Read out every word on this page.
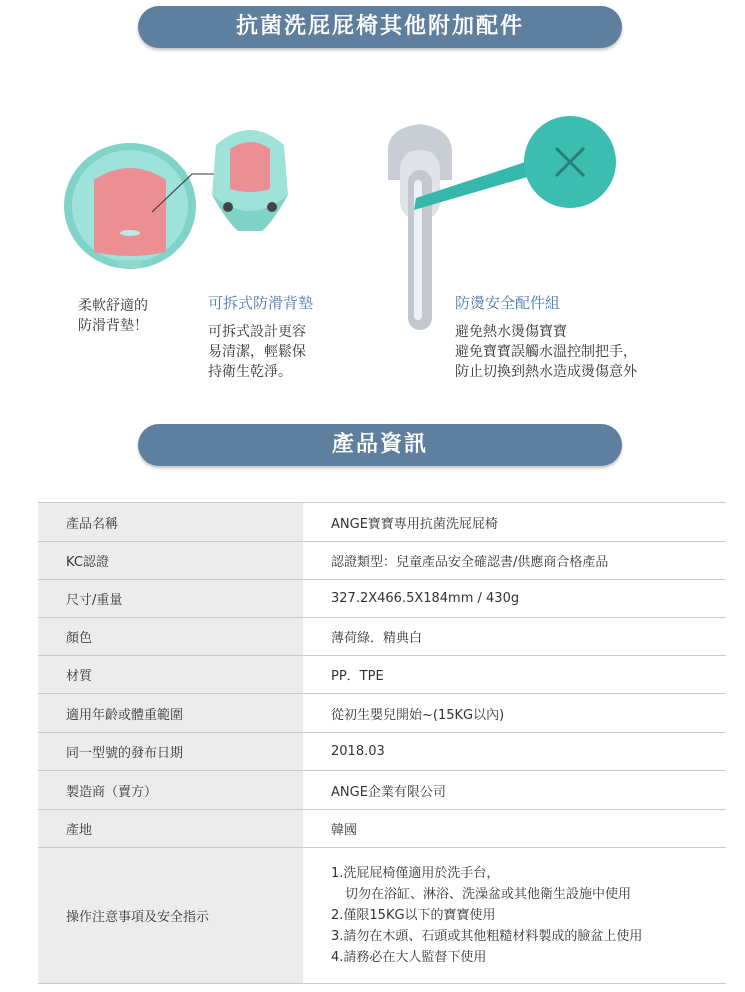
抗菌洗屁屁椅其他附加配件
柔軟舒適的
防滑背墊！
可拆式防滑背墊
可拆式設計更容
易清潔，輕鬆保
持衛生乾淨。
防燙安全配件組
避免熱水燙傷寶寶
避免寶寶誤觸水溫控制把手，
防止切換到熱水造成燙傷意外
產品資訊
產品名稱	ANGE寶寶專用抗菌洗屁屁椅
KC認證	認證類型：兒童產品安全確認書/供應商合格產品
尺寸/重量	327.2X466.5X184mm / 430g
顏色	薄荷綠．精典白
材質	PP．TPE
適用年齡或體重範圍	從初生嬰兒開始~(15KG以內)
同一型號的發布日期	2018.03
製造商（賣方）	ANGE企業有限公司
產地	韓國
操作注意事項及安全指示	1.洗屁屁椅僅適用於洗手台，
切勿在浴缸、淋浴、洗澡盆或其他衛生設施中使用
2.僅限15KG以下的寶寶使用
3.請勿在木頭、石頭或其他粗糙材料製成的臉盆上使用
4.請務必在大人監督下使用
